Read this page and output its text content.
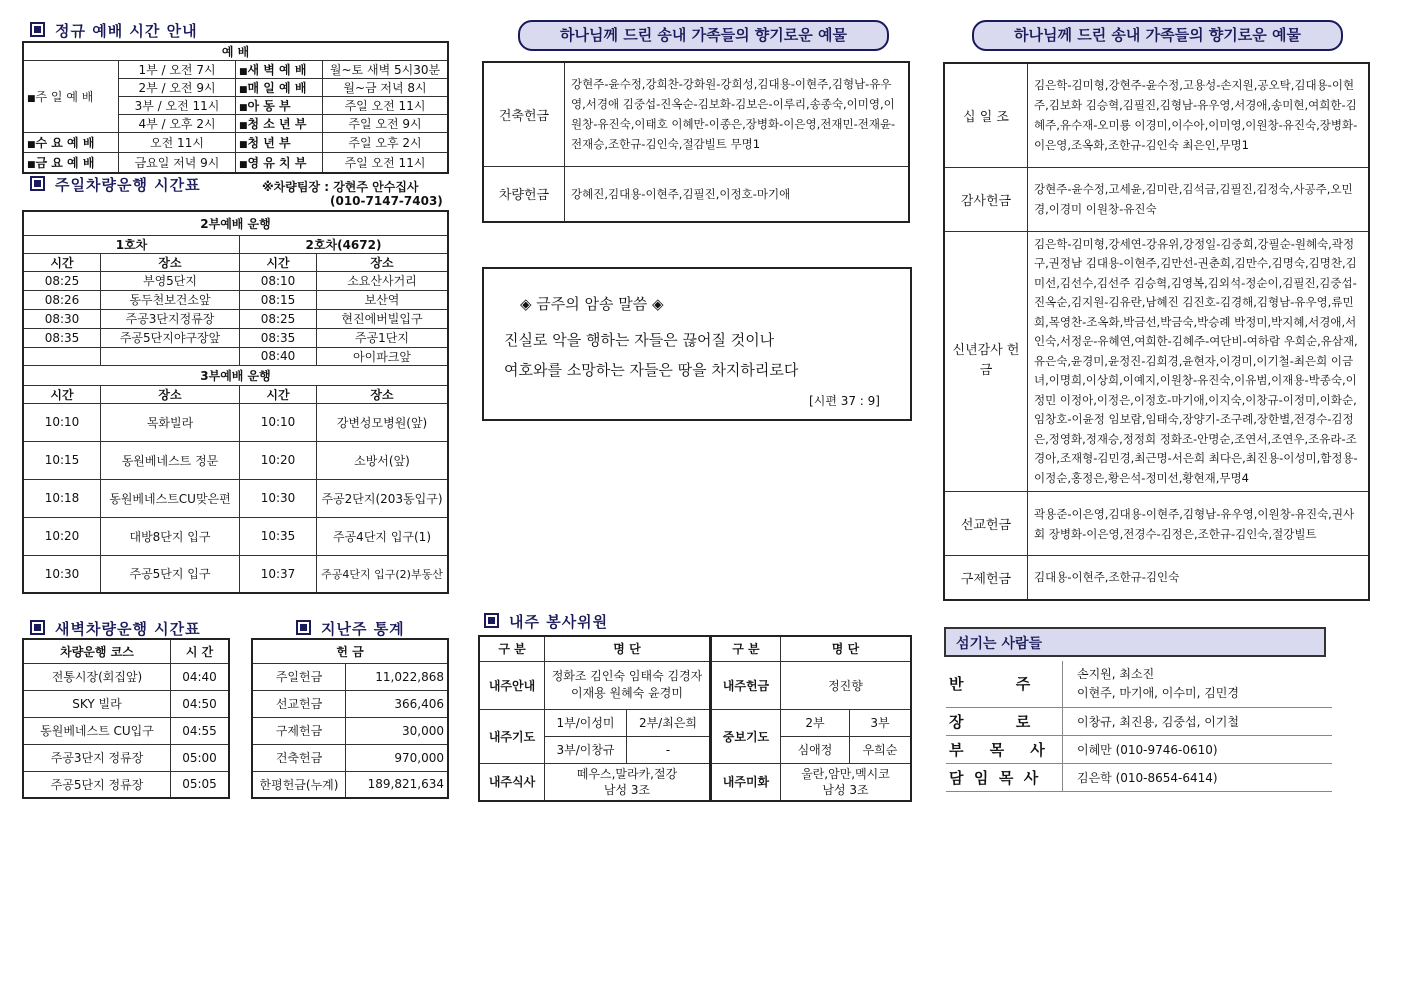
정규 예배 시간 안내
예 배			
■주 일 예 배	1부 / 오전 7시	■새 벽 예 배	월~토 새벽 5시30분
	2부 / 오전 9시	■매 일 예 배	월~금 저녁 8시
	3부 / 오전 11시	■아 동 부	주일 오전 11시
	4부 / 오후 2시	■청 소 년 부	주일 오전 9시
■수 요 예 배	오전 11시	■청 년 부	주일 오후 2시
■금 요 예 배	금요일 저녁 9시	■영 유 치 부	주일 오전 11시
주일차량운행 시간표	※차량팀장 : 강현주 안수집사
(010-7147-7403)
2부예배 운행			
1호차		2호차(4672)	
시간	장소	시간	장소
08:25	부영5단지	08:10	소요산사거리
08:26	동두천보건소앞	08:15	보산역
08:30	주공3단지정류장	08:25	현진에버빌입구
08:35	주공5단지야구장앞	08:35	주공1단지
		08:40	아이파크앞
3부예배 운행			
시간	장소	시간	장소
10:10	목화빌라	10:10	강변성모병원(앞)
10:15	동원베네스트 정문	10:20	소방서(앞)
10:18	동원베네스트CU맞은편	10:30	주공2단지(203동입구)
10:20	대방8단지 입구	10:35	주공4단지 입구(1)
10:30	주공5단지 입구	10:37	주공4단지 입구(2)부동산
새벽차량운행 시간표
차량운행 코스	시 간
전통시장(회집앞)	04:40
SKY 빌라	04:50
동원베네스트 CU입구	04:55
주공3단지 정류장	05:00
주공5단지 정류장	05:05
지난주 통계
헌 금	
주일헌금	11,022,868
선교헌금	366,406
구제헌금	30,000
건축헌금	970,000
한평헌금(누계)	189,821,634
하나님께 드린 송내 가족들의 향기로운 예물
건축헌금	강현주-윤수정,강희찬-강화원-강희성,김대용-이현주,김형남-유우영,서경애 김중섭-진옥순-김보화-김보은-이루리,송종숙,이미영,이원창-유진숙,이태호 이혜만-이종은,장병화-이은영,전재민-전재윤-전재승,조한규-김인숙,절감빌트 무명1
차량헌금	강혜진,김대용-이현주,김필진,이정호-마기애
◈ 금주의 암송 말씀 ◈
진실로 악을 행하는 자들은 끊어질 것이나
여호와를 소망하는 자들은 땅을 차지하리로다
[시편 37 : 9]
내주 봉사위원
구 분	명 단		구 분	명 단	
내주안내	정화조 김인숙 임태숙 김경자 이재용 원혜숙 윤경미		내주헌금	정진향	
내주기도	1부/이성미	2부/최은희	중보기도	2부	3부
	3부/이창규	-		심애정	우희순
내주식사	떼우스,말라카,절강 남성 3조		내주미화	울란,암만,멕시코 남성 3조	
하나님께 드린 송내 가족들의 향기로운 예물
십 일 조	김은학-김미형,강현주-윤수정,고용성-손지원,공오탁,김대용-이현주,김보화 김승혁,김필진,김형남-유우영,서경애,송미현,여희한-김혜주,유수재-오미룡 이경미,이수아,이미영,이원창-유진숙,장병화-이은영,조옥화,조한규-김인숙 최은인,무명1
감사헌금	강현주-윤수정,고세윤,김미란,김석금,김필진,김정숙,사공주,오민경,이경미 이원창-유진숙
신년감사 헌금	김은학-김미형,강세연-강유위,강정일-김중희,강필순-원혜숙,곽정구,권정남 김대용-이현주,김만선-권춘희,김만수,김명숙,김명찬,김미선,김선수,김선주 김승혁,김영복,김외석-정순이,김필진,김중섭-진옥순,김지원-김유란,남혜진 김진호-김경해,김형남-유우영,류민희,목영찬-조옥화,박금선,박금숙,박승례 박정미,박지혜,서경애,서인숙,서정운-유혜연,여희한-김혜주-여단비-여하람 우희순,유삼재,유은숙,윤경미,윤정진-김희경,윤현자,이경미,이기철-최은희 이금녀,이명희,이상희,이예지,이원창-유진숙,이유범,이재용-박종숙,이정민 이정아,이정은,이정호-마기애,이지숙,이창규-이정미,이화순,임창호-이윤정 임보람,임태숙,장양기-조구례,장한별,전경수-김정은,정영화,정재승,정정희 정화조-안명순,조연서,조연우,조유라-조경아,조재형-김민경,최근명-서은희 최다은,최진용-이성미,함정용-이정순,홍정은,황은석-정미선,황현재,무명4
선교헌금	곽용준-이은영,김대용-이현주,김형남-유우영,이원창-유진숙,권사회 장병화-이은영,전경수-김정은,조한규-김인숙,절강빌트
구제헌금	김대용-이현주,조한규-김인숙
섬기는 사람들
반          주	손지원, 최소진
이현주, 마기애, 이수미, 김민경
장          로	이창규, 최진용, 김중섭, 이기철
부     목     사	이혜만 (010-9746-0610)
담  임  목  사	김은학 (010-8654-6414)
